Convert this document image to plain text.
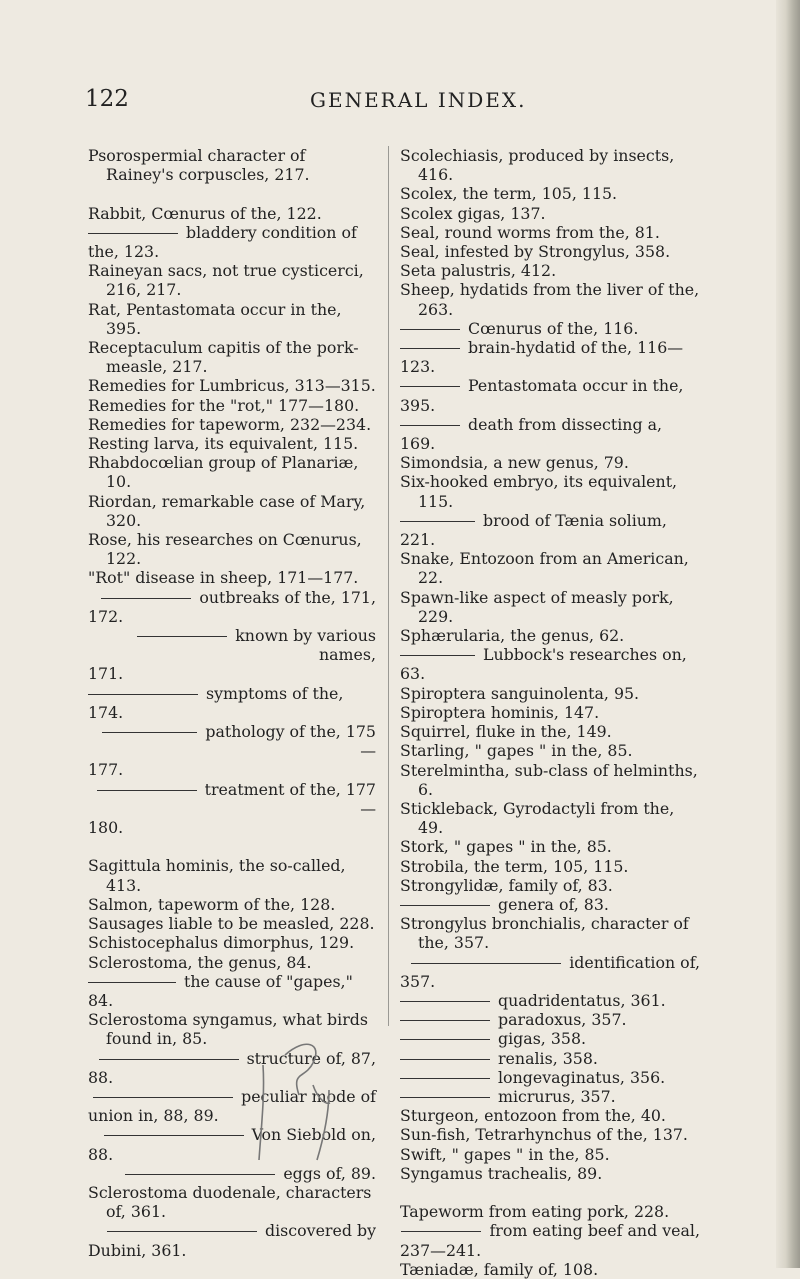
122	GENERAL INDEX.

Psorospermial character of Rainey's corpuscles, 217.

Rabbit, Cœnurus of the, 122.

bladdery condition of the, 123.

Raineyan sacs, not true cysticerci, 216, 217.

Rat, Pentastomata occur in the, 395.

Receptaculum capitis of the pork-measle, 217.

Remedies for Lumbricus, 313—315.

Remedies for the "rot," 177—180.

Remedies for tapeworm, 232—234.

Resting larva, its equivalent, 115.

Rhabdocœlian group of Planariæ, 10.

Riordan, remarkable case of Mary, 320.

Rose, his researches on Cœnurus, 122.

"Rot" disease in sheep, 171—177.

outbreaks of the, 171,

172.

known by various names,

171.

symptoms of the, 174.

pathology of the, 175—

177.

treatment of the, 177—

180.

Sagittula hominis, the so-called, 413.

Salmon, tapeworm of the, 128.

Sausages liable to be measled, 228.

Schistocephalus dimorphus, 129.

Sclerostoma, the genus, 84.

the cause of "gapes," 84.

Sclerostoma syngamus, what birds found in, 85.

structure of, 87,

88.

peculiar mode of

union in, 88, 89.

Von Siebold on,

88.

eggs of, 89.

Sclerostoma duodenale, characters of, 361.

discovered by

Dubini, 361.

Scolechiasis, produced by insects, 416.

Scolex, the term, 105, 115.

Scolex gigas, 137.

Seal, round worms from the, 81.

Seal, infested by Strongylus, 358.

Seta palustris, 412.

Sheep, hydatids from the liver of the, 263.

Cœnurus of the, 116.

brain-hydatid of the, 116—123.

Pentastomata occur in the, 395.

death from dissecting a, 169.

Simondsia, a new genus, 79.

Six-hooked embryo, its equivalent, 115.

brood of Tænia solium, 221.

Snake, Entozoon from an American, 22.

Spawn-like aspect of measly pork, 229.

Sphærularia, the genus, 62.

Lubbock's researches on, 63.

Spiroptera sanguinolenta, 95.

Spiroptera hominis, 147.

Squirrel, fluke in the, 149.

Starling, " gapes " in the, 85.

Sterelmintha, sub-class of helminths, 6.

Stickleback, Gyrodactyli from the, 49.

Stork, " gapes " in the, 85.

Strobila, the term, 105, 115.

Strongylidæ, family of, 83.

genera of, 83.

Strongylus bronchialis, character of the, 357.

identification of,

357.

quadridentatus, 361.

paradoxus, 357.

gigas, 358.

renalis, 358.

longevaginatus, 356.

micrurus, 357.

Sturgeon, entozoon from the, 40.

Sun-fish, Tetrarhynchus of the, 137.

Swift, " gapes " in the, 85.

Syngamus trachealis, 89.

Tapeworm from eating pork, 228.

from eating beef and veal,

237—241.

Tæniadæ, family of, 108.
